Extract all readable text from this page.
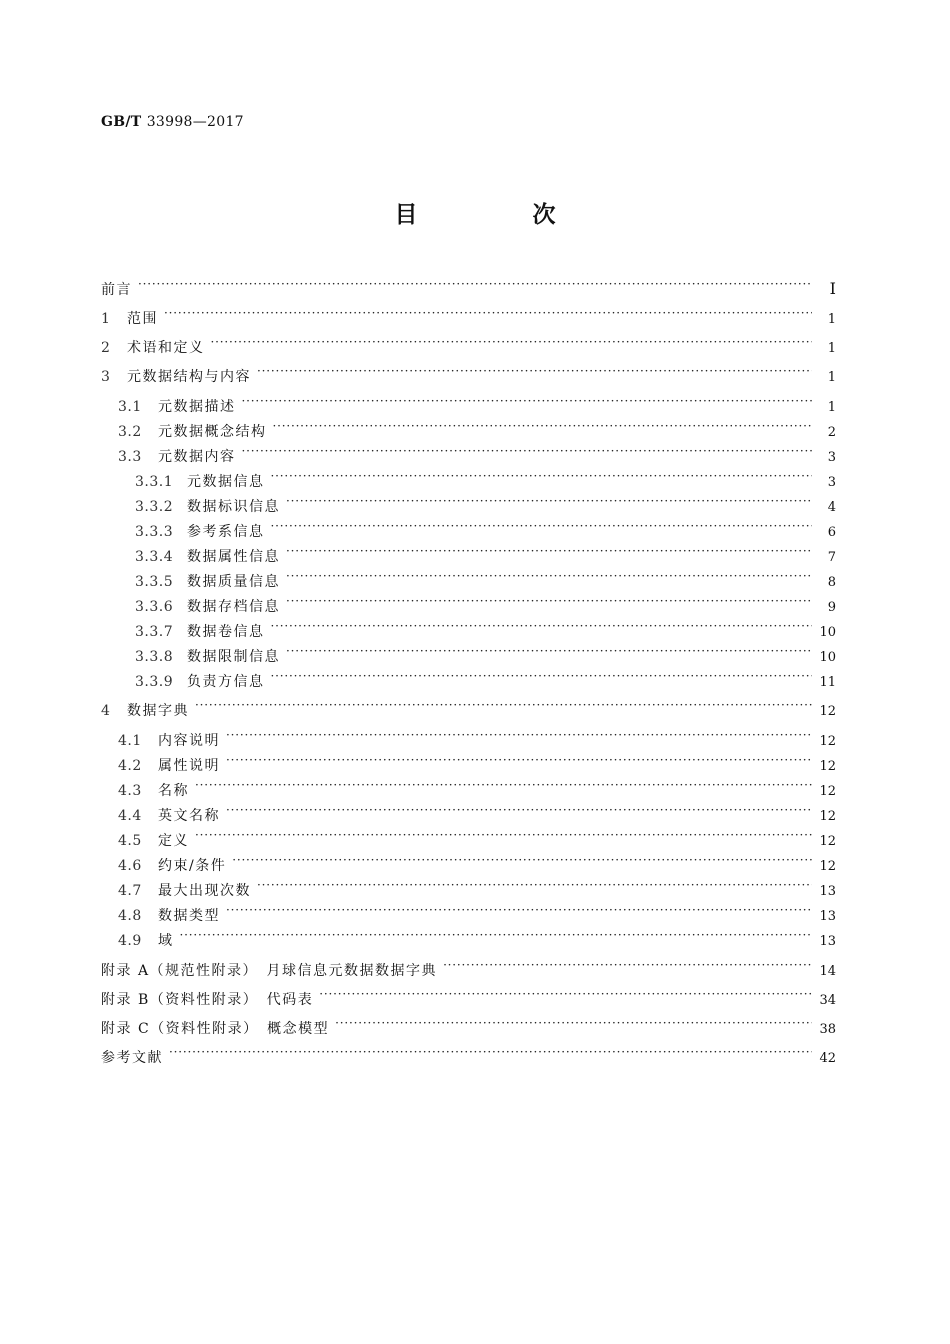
GB/T 33998—2017
目　次
前言 ·····	Ⅰ
1 范围 ·····	1
2 术语和定义 ·····	1
3 元数据结构与内容 ·····	1
3.1 元数据描述 ·····	1
3.2 元数据概念结构 ·····	2
3.3 元数据内容 ·····	3
3.3.1 元数据信息 ·····	3
3.3.2 数据标识信息 ·····	4
3.3.3 参考系信息 ·····	6
3.3.4 数据属性信息 ·····	7
3.3.5 数据质量信息 ·····	8
3.3.6 数据存档信息 ·····	9
3.3.7 数据卷信息 ·····	10
3.3.8 数据限制信息 ·····	10
3.3.9 负责方信息 ·····	11
4 数据字典 ·····	12
4.1 内容说明 ·····	12
4.2 属性说明 ·····	12
4.3 名称 ·····	12
4.4 英文名称 ·····	12
4.5 定义 ·····	12
4.6 约束/条件 ·····	12
4.7 最大出现次数 ·····	13
4.8 数据类型 ·····	13
4.9 域 ·····	13
附录 A（规范性附录）　月球信息元数据数据字典 ·····	14
附录 B（资料性附录）　代码表 ·····	34
附录 C（资料性附录）　概念模型 ·····	38
参考文献 ·····	42
